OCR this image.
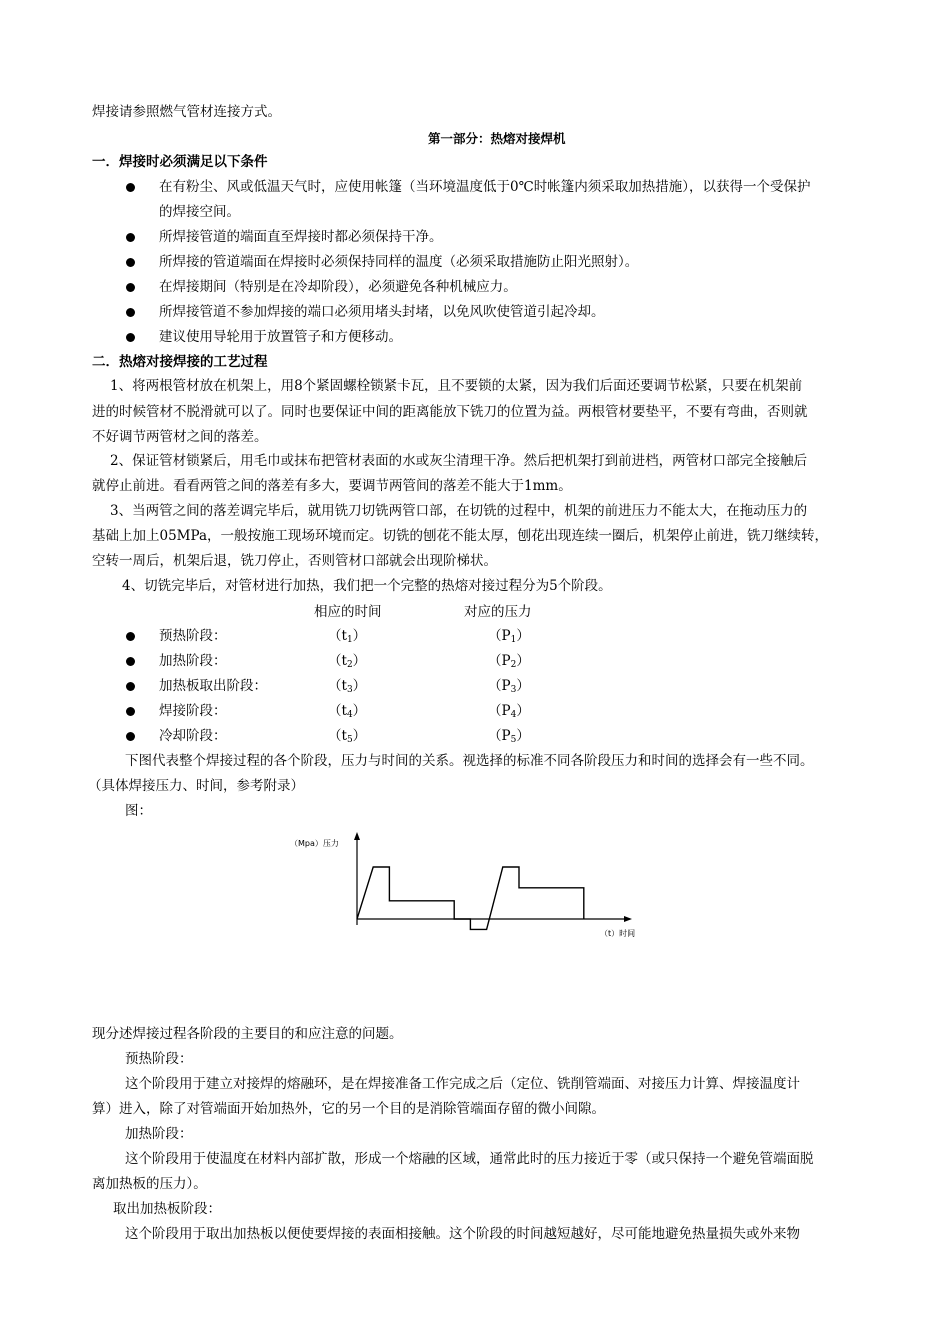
焊接请参照燃气管材连接方式。
第一部分：热熔对接焊机
一．焊接时必须满足以下条件
在有粉尘、风或低温天气时，应使用帐篷（当环境温度低于0℃时帐篷内须采取加热措施），以获得一个受保护
的焊接空间。
所焊接管道的端面直至焊接时都必须保持干净。
所焊接的管道端面在焊接时必须保持同样的温度（必须采取措施防止阳光照射）。
在焊接期间（特别是在冷却阶段），必须避免各种机械应力。
所焊接管道不参加焊接的端口必须用堵头封堵，以免风吹使管道引起冷却。
建议使用导轮用于放置管子和方便移动。
二．热熔对接焊接的工艺过程
1、将两根管材放在机架上，用8个紧固螺栓锁紧卡瓦，且不要锁的太紧，因为我们后面还要调节松紧，只要在机架前
进的时候管材不脱滑就可以了。同时也要保证中间的距离能放下铣刀的位置为益。两根管材要垫平，不要有弯曲，否则就
不好调节两管材之间的落差。
2、保证管材锁紧后，用毛巾或抹布把管材表面的水或灰尘清理干净。然后把机架打到前进档，两管材口部完全接触后
就停止前进。看看两管之间的落差有多大，要调节两管间的落差不能大于1mm。
3、当两管之间的落差调完毕后，就用铣刀切铣两管口部，在切铣的过程中，机架的前进压力不能太大，在拖动压力的
基础上加上05MPa，一般按施工现场环境而定。切铣的刨花不能太厚，刨花出现连续一圈后，机架停止前进，铣刀继续转，
空转一周后，机架后退，铣刀停止，否则管材口部就会出现阶梯状。
4、切铣完毕后，对管材进行加热，我们把一个完整的热熔对接过程分为5个阶段。
相应的时间	对应的压力
预热阶段：	$(t_1)$	$(P_1)$
加热阶段：	$(t_2)$	$(P_2)$
加热板取出阶段：	$(t_3)$	$(P_3)$
焊接阶段：	$(t_4)$	$(P_4)$
冷却阶段：	$(t_5)$	$(P_5)$
下图代表整个焊接过程的各个阶段，压力与时间的关系。视选择的标准不同各阶段压力和时间的选择会有一些不同。
（具体焊接压力、时间，参考附录）
图：
（Mpa）压力
（t）时间
现分述焊接过程各阶段的主要目的和应注意的问题。
预热阶段：
这个阶段用于建立对接焊的熔融环，是在焊接准备工作完成之后（定位、铣削管端面、对接压力计算、焊接温度计
算）进入，除了对管端面开始加热外，它的另一个目的是消除管端面存留的微小间隙。
加热阶段：
这个阶段用于使温度在材料内部扩散，形成一个熔融的区域，通常此时的压力接近于零（或只保持一个避免管端面脱
离加热板的压力）。
取出加热板阶段：
这个阶段用于取出加热板以便使要焊接的表面相接触。这个阶段的时间越短越好，尽可能地避免热量损失或外来物
